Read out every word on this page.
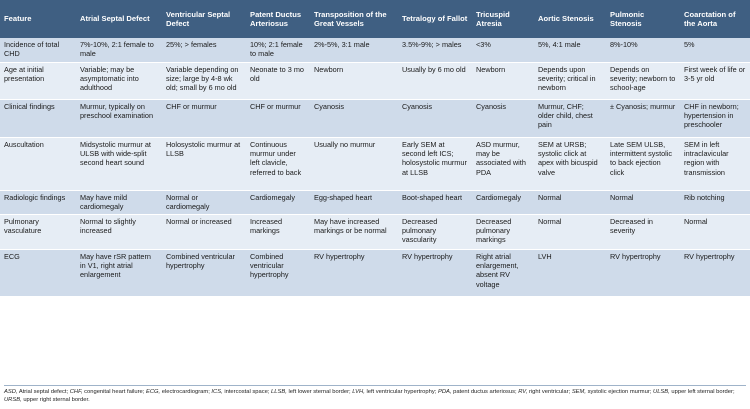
Feature	Atrial Septal Defect	Ventricular Septal Defect	Patent Ductus Arteriosus	Transposition of the Great Vessels	Tetralogy of Fallot	Tricuspid Atresia	Aortic Stenosis	Pulmonic Stenosis	Coarctation of the Aorta
Incidence of total CHD	7%-10%, 2:1 female to male	25%; > females	10%; 2:1 female to male	2%-5%, 3:1 male	3.5%-9%; > males	<3%	5%, 4:1 male	8%-10%	5%
Age at initial presentation	Variable; may be asymptomatic into adulthood	Variable depending on size; large by 4-8 wk old; small by 6 mo old	Neonate to 3 mo old	Newborn	Usually by 6 mo old	Newborn	Depends upon severity; critical in newborn	Depends on severity; newborn to school-age	First week of life or 3-5 yr old
Clinical findings	Murmur, typically on preschool examination	CHF or murmur	CHF or murmur	Cyanosis	Cyanosis	Cyanosis	Murmur, CHF; older child, chest pain	± Cyanosis; murmur	CHF in newborn; hypertension in preschooler
Auscultation	Midsystolic murmur at ULSB with wide-split second heart sound	Holosystolic murmur at LLSB	Continuous murmur under left clavicle, referred to back	Usually no murmur	Early SEM at second left ICS; holosystolic murmur at LLSB	ASD murmur, may be associated with PDA	SEM at URSB; systolic click at apex with bicuspid valve	Late SEM ULSB, intermittent systolic to back ejection click	SEM in left intraclavicular region with transmission
Radiologic findings	May have mild cardiomegaly	Normal or cardiomegaly	Cardiomegaly	Egg-shaped heart	Boot-shaped heart	Cardiomegaly	Normal	Normal	Rib notching
Pulmonary vasculature	Normal to slightly increased	Normal or increased	Increased markings	May have increased markings or be normal	Decreased pulmonary vascularity	Decreased pulmonary markings	Normal	Decreased in severity	Normal
ECG	May have rSR pattern in V1, right atrial enlargement	Combined ventricular hypertrophy	Combined ventricular hypertrophy	RV hypertrophy	RV hypertrophy	Right atrial enlargement, absent RV voltage	LVH	RV hypertrophy	RV hypertrophy
ASD, Atrial septal defect; CHF, congenital heart failure; ECG, electrocardiogram; ICS, intercostal space; LLSB, left lower sternal border; LVH, left ventricular hypertrophy; PDA, patent ductus arteriosus; RV, right ventricular; SEM, systolic ejection murmur; ULSB, upper left sternal border; URSB, upper right sternal border.
